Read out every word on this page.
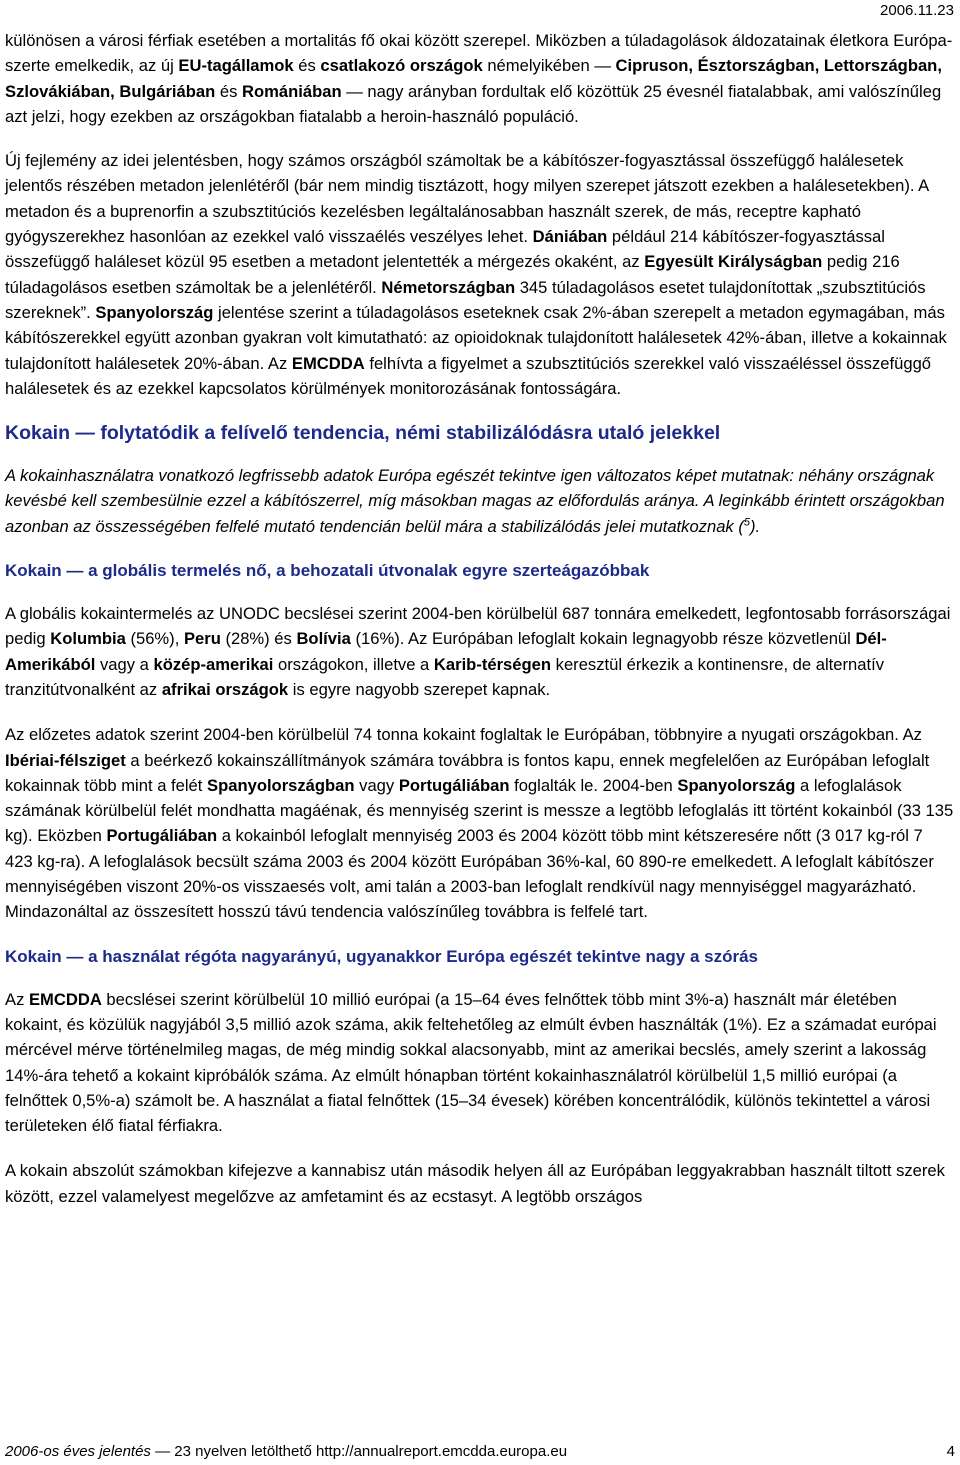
2006.11.23

különösen a városi férfiak esetében a mortalitás fő okai között szerepel. Miközben a túladagolások áldozatainak életkora Európa-szerte emelkedik, az új EU-tagállamok és csatlakozó országok némelyikében — Cipruson, Észtországban, Lettországban, Szlovákiában, Bulgáriában és Romániában — nagy arányban fordultak elő közöttük 25 évesnél fiatalabbak, ami valószínűleg azt jelzi, hogy ezekben az országokban fiatalabb a heroin-használó populáció.

Új fejlemény az idei jelentésben, hogy számos országból számoltak be a kábítószer-fogyasztással összefüggő halálesetek jelentős részében metadon jelenlétéről (bár nem mindig tisztázott, hogy milyen szerepet játszott ezekben a halálesetekben). A metadon és a buprenorfin a szubsztitúciós kezelésben legáltalánosabban használt szerek, de más, receptre kapható gyógyszerekhez hasonlóan az ezekkel való visszaélés veszélyes lehet. Dániában például 214 kábítószer-fogyasztással összefüggő haláleset közül 95 esetben a metadont jelentették a mérgezés okaként, az Egyesült Királyságban pedig 216 túladagolásos esetben számoltak be a jelenlétéről. Németországban 345 túladagolásos esetet tulajdonítottak „szubsztitúciós szereknek”. Spanyolország jelentése szerint a túladagolásos eseteknek csak 2%-ában szerepelt a metadon egymagában, más kábítószerekkel együtt azonban gyakran volt kimutatható: az opioidoknak tulajdonított halálesetek 42%-ában, illetve a kokainnak tulajdonított halálesetek 20%-ában. Az EMCDDA felhívta a figyelmet a szubsztitúciós szerekkel való visszaéléssel összefüggő halálesetek és az ezekkel kapcsolatos körülmények monitorozásának fontosságára.

Kokain — folytatódik a felívelő tendencia, némi stabilizálódásra utaló jelekkel

A kokainhasználatra vonatkozó legfrissebb adatok Európa egészét tekintve igen változatos képet mutatnak: néhány országnak kevésbé kell szembesülnie ezzel a kábítószerrel, míg másokban magas az előfordulás aránya. A leginkább érintett országokban azonban az összességében felfelé mutató tendencián belül mára a stabilizálódás jelei mutatkoznak ($^5$).

Kokain — a globális termelés nő, a behozatali útvonalak egyre szerteágazóbbak

A globális kokaintermelés az UNODC becslései szerint 2004-ben körülbelül 687 tonnára emelkedett, legfontosabb forrásországai pedig Kolumbia (56%), Peru (28%) és Bolívia (16%). Az Európában lefoglalt kokain legnagyobb része közvetlenül Dél-Amerikából vagy a közép-amerikai országokon, illetve a Karib-térségen keresztül érkezik a kontinensre, de alternatív tranzitútvonalként az afrikai országok is egyre nagyobb szerepet kapnak.

Az előzetes adatok szerint 2004-ben körülbelül 74 tonna kokaint foglaltak le Európában, többnyire a nyugati országokban. Az Ibériai-félsziget a beérkező kokainszállítmányok számára továbbra is fontos kapu, ennek megfelelően az Európában lefoglalt kokainnak több mint a felét Spanyolországban vagy Portugáliában foglalták le. 2004-ben Spanyolország a lefoglalások számának körülbelül felét mondhatta magáénak, és mennyiség szerint is messze a legtöbb lefoglalás itt történt kokainból (33 135 kg). Eközben Portugáliában a kokainból lefoglalt mennyiség 2003 és 2004 között több mint kétszeresére nőtt (3 017 kg-ról 7 423 kg-ra). A lefoglalások becsült száma 2003 és 2004 között Európában 36%-kal, 60 890-re emelkedett. A lefoglalt kábítószer mennyiségében viszont 20%-os visszaesés volt, ami talán a 2003-ban lefoglalt rendkívül nagy mennyiséggel magyarázható. Mindazonáltal az összesített hosszú távú tendencia valószínűleg továbbra is felfelé tart.

Kokain — a használat régóta nagyarányú, ugyanakkor Európa egészét tekintve nagy a szórás

Az EMCDDA becslései szerint körülbelül 10 millió európai (a 15–64 éves felnőttek több mint 3%-a) használt már életében kokaint, és közülük nagyjából 3,5 millió azok száma, akik feltehetőleg az elmúlt évben használták (1%). Ez a számadat európai mércével mérve történelmileg magas, de még mindig sokkal alacsonyabb, mint az amerikai becslés, amely szerint a lakosság 14%-ára tehető a kokaint kipróbálók száma. Az elmúlt hónapban történt kokainhasználatról körülbelül 1,5 millió európai (a felnőttek 0,5%-a) számolt be. A használat a fiatal felnőttek (15–34 évesek) körében koncentrálódik, különös tekintettel a városi területeken élő fiatal férfiakra.

A kokain abszolút számokban kifejezve a kannabisz után második helyen áll az Európában leggyakrabban használt tiltott szerek között, ezzel valamelyest megelőzve az amfetamint és az ecstasyt. A legtöbb országos

2006-os éves jelentés — 23 nyelven letölthető http://annualreport.emcdda.europa.eu	4
